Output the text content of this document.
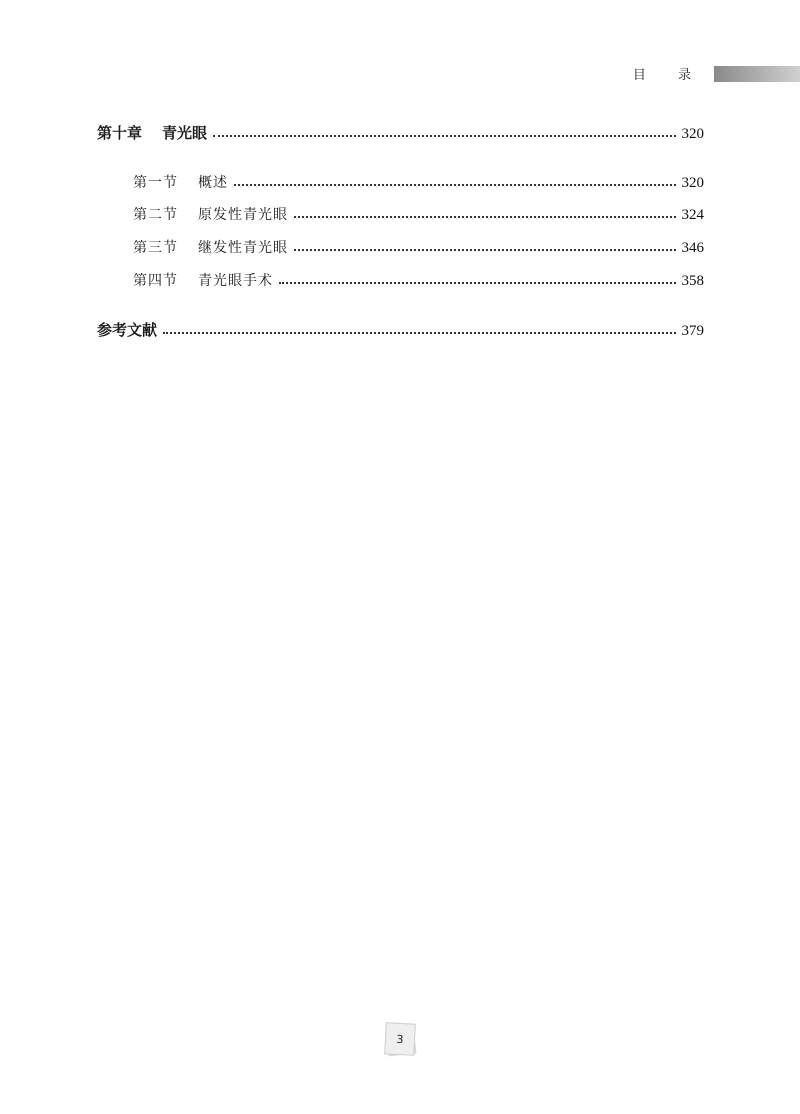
目 录
第十章 青光眼	320
第一节 概述	320
第二节 原发性青光眼	324
第三节 继发性青光眼	346
第四节 青光眼手术	358
参考文献	379
3
